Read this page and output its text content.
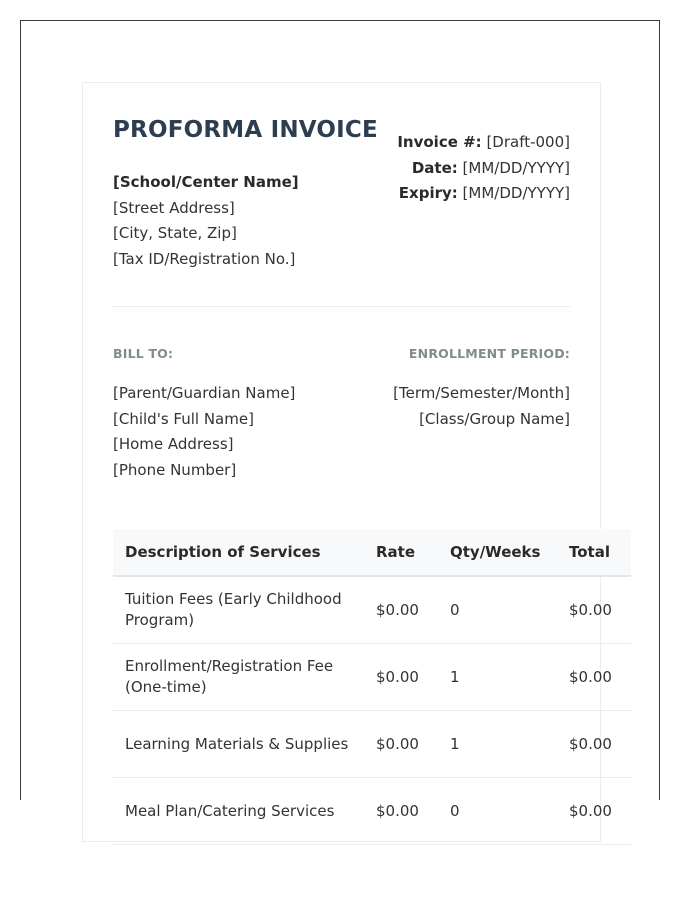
PROFORMA INVOICE
[School/Center Name]
[Street Address]
[City, State, Zip]
[Tax ID/Registration No.]
Invoice #: [Draft-000]
Date: [MM/DD/YYYY]
Expiry: [MM/DD/YYYY]
BILL TO:	ENROLLMENT PERIOD:
[Parent/Guardian Name]
[Child's Full Name]
[Home Address]
[Phone Number]
[Term/Semester/Month]
[Class/Group Name]
Description of Services	Rate	Qty/Weeks	Total
Tuition Fees (Early Childhood Program)	$0.00	0	$0.00
Enrollment/Registration Fee (One-time)	$0.00	1	$0.00
Learning Materials & Supplies	$0.00	1	$0.00
Meal Plan/Catering Services	$0.00	0	$0.00
